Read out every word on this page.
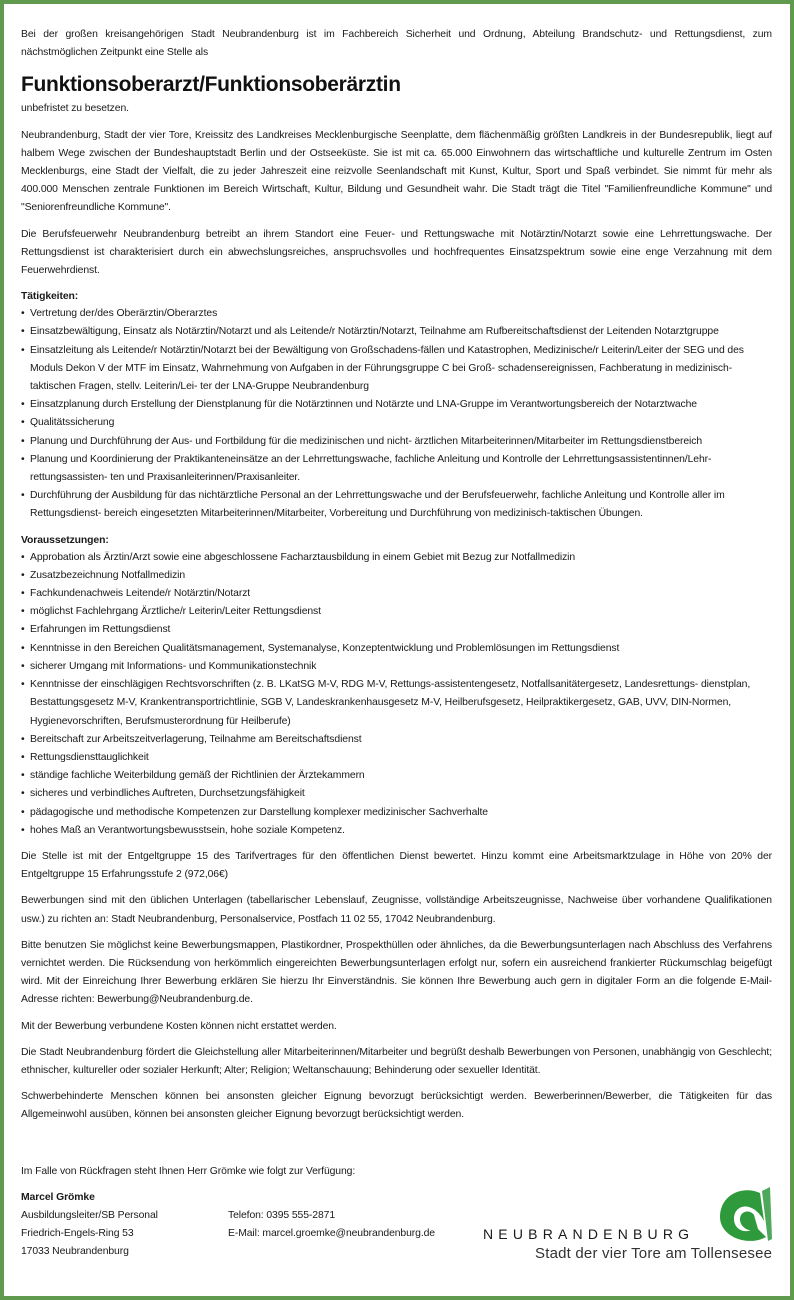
Bei der großen kreisangehörigen Stadt Neubrandenburg ist im Fachbereich Sicherheit und Ordnung, Abteilung Brandschutz- und Rettungsdienst, zum nächstmöglichen Zeitpunkt eine Stelle als

Funktionsoberarzt/Funktionsoberärztin

unbefristet zu besetzen.

Neubrandenburg, Stadt der vier Tore, Kreissitz des Landkreises Mecklenburgische Seenplatte, dem flächenmäßig größten Landkreis in der Bundesrepublik, liegt auf halbem Wege zwischen der Bundeshauptstadt Berlin und der Ostseeküste. Sie ist mit ca. 65.000 Einwohnern das wirtschaftliche und kulturelle Zentrum im Osten Mecklenburgs, eine Stadt der Vielfalt, die zu jeder Jahreszeit eine reizvolle Seenlandschaft mit Kunst, Kultur, Sport und Spaß verbindet. Sie nimmt für mehr als 400.000 Menschen zentrale Funktionen im Bereich Wirtschaft, Kultur, Bildung und Gesundheit wahr. Die Stadt trägt die Titel "Familienfreundliche Kommune" und "Seniorenfreundliche Kommune".

Die Berufsfeuerwehr Neubrandenburg betreibt an ihrem Standort eine Feuer- und Rettungswache mit Notärztin/Notarzt sowie eine Lehrrettungswache. Der Rettungsdienst ist charakterisiert durch ein abwechslungsreiches, anspruchsvolles und hochfrequentes Einsatzspektrum sowie eine enge Verzahnung mit dem Feuerwehrdienst.

Tätigkeiten:
• Vertretung der/des Oberärztin/Oberarztes
• Einsatzbewältigung, Einsatz als Notärztin/Notarzt und als Leitende/r Notärztin/Notarzt, Teilnahme am Rufbereitschaftsdienst der Leitenden Notarztgruppe
• Einsatzleitung als Leitende/r Notärztin/Notarzt bei der Bewältigung von Großschadens-fällen und Katastrophen, Medizinische/r Leiterin/Leiter der SEG und des Moduls Dekon V der MTF im Einsatz, Wahrnehmung von Aufgaben in der Führungsgruppe C bei Groß- schadensereignissen, Fachberatung in medizinisch-taktischen Fragen, stellv. Leiterin/Lei- ter der LNA-Gruppe Neubrandenburg
• Einsatzplanung durch Erstellung der Dienstplanung für die Notärztinnen und Notärzte und LNA-Gruppe im Verantwortungsbereich der Notarztwache
• Qualitätssicherung
• Planung und Durchführung der Aus- und Fortbildung für die medizinischen und nicht- ärztlichen Mitarbeiterinnen/Mitarbeiter im Rettungsdienstbereich
• Planung und Koordinierung der Praktikanteneinsätze an der Lehrrettungswache, fachliche Anleitung und Kontrolle der Lehrrettungsassistentinnen/Lehr- rettungsassisten- ten und Praxisanleiterinnen/Praxisanleiter.
• Durchführung der Ausbildung für das nichtärztliche Personal an der Lehrrettungswache und der Berufsfeuerwehr, fachliche Anleitung und Kontrolle aller im Rettungsdienst- bereich eingesetzten Mitarbeiterinnen/Mitarbeiter, Vorbereitung und Durchführung von medizinisch-taktischen Übungen.
Voraussetzungen:
• Approbation als Ärztin/Arzt sowie eine abgeschlossene Facharztausbildung in einem Gebiet mit Bezug zur Notfallmedizin
• Zusatzbezeichnung Notfallmedizin
• Fachkundenachweis Leitende/r Notärztin/Notarzt
• möglichst Fachlehrgang Ärztliche/r Leiterin/Leiter Rettungsdienst
• Erfahrungen im Rettungsdienst
• Kenntnisse in den Bereichen Qualitätsmanagement, Systemanalyse, Konzeptentwicklung und Problemlösungen im Rettungsdienst
• sicherer Umgang mit Informations- und Kommunikationstechnik
• Kenntnisse der einschlägigen Rechtsvorschriften (z. B. LKatSG M-V, RDG M-V, Rettungs-assistentengesetz, Notfallsanitätergesetz, Landesrettungs- dienstplan, Bestattungsgesetz M-V, Krankentransportrichtlinie, SGB V, Landeskrankenhausgesetz M-V, Heilberufsgesetz, Heilpraktikergesetz, GAB, UVV, DIN-Normen, Hygienevorschriften, Berufsmusterordnung für Heilberufe)
• Bereitschaft zur Arbeitszeitverlagerung, Teilnahme am Bereitschaftsdienst
• Rettungsdiensttauglichkeit
• ständige fachliche Weiterbildung gemäß der Richtlinien der Ärztekammern
• sicheres und verbindliches Auftreten, Durchsetzungsfähigkeit
• pädagogische und methodische Kompetenzen zur Darstellung komplexer medizinischer Sachverhalte
• hohes Maß an Verantwortungsbewusstsein, hohe soziale Kompetenz.

Die Stelle ist mit der Entgeltgruppe 15 des Tarifvertrages für den öffentlichen Dienst bewertet. Hinzu kommt eine Arbeitsmarktzulage in Höhe von 20% der Entgeltgruppe 15 Erfahrungsstufe 2 (972,06€)

Bewerbungen sind mit den üblichen Unterlagen (tabellarischer Lebenslauf, Zeugnisse, vollständige Arbeitszeugnisse, Nachweise über vorhandene Qualifikationen usw.) zu richten an: Stadt Neubrandenburg, Personalservice, Postfach 11 02 55, 17042 Neubrandenburg.

Bitte benutzen Sie möglichst keine Bewerbungsmappen, Plastikordner, Prospekthüllen oder ähnliches, da die Bewerbungsunterlagen nach Abschluss des Verfahrens vernichtet werden. Die Rücksendung von herkömmlich eingereichten Bewerbungsunterlagen erfolgt nur, sofern ein ausreichend frankierter Rückumschlag beigefügt wird. Mit der Einreichung Ihrer Bewerbung erklären Sie hierzu Ihr Einverständnis. Sie können Ihre Bewerbung auch gern in digitaler Form an die folgende E-Mail-Adresse richten: Bewerbung@Neubrandenburg.de.

Mit der Bewerbung verbundene Kosten können nicht erstattet werden.

Die Stadt Neubrandenburg fördert die Gleichstellung aller Mitarbeiterinnen/Mitarbeiter und begrüßt deshalb Bewerbungen von Personen, unabhängig von Geschlecht; ethnischer, kultureller oder sozialer Herkunft; Alter; Religion; Weltanschauung; Behinderung oder sexueller Identität.

Schwerbehinderte Menschen können bei ansonsten gleicher Eignung bevorzugt berücksichtigt werden. Bewerberinnen/Bewerber, die Tätigkeiten für das Allgemeinwohl ausüben, können bei ansonsten gleicher Eignung bevorzugt berücksichtigt werden.

Im Falle von Rückfragen steht Ihnen Herr Grömke wie folgt zur Verfügung:

Marcel Grömke
Ausbildungsleiter/SB Personal
Friedrich-Engels-Ring 53
17033 Neubrandenburg
Telefon: 0395 555-2871
E-Mail: marcel.groemke@neubrandenburg.de	NEUBRANDENBURG
Stadt der vier Tore am Tollensesee
